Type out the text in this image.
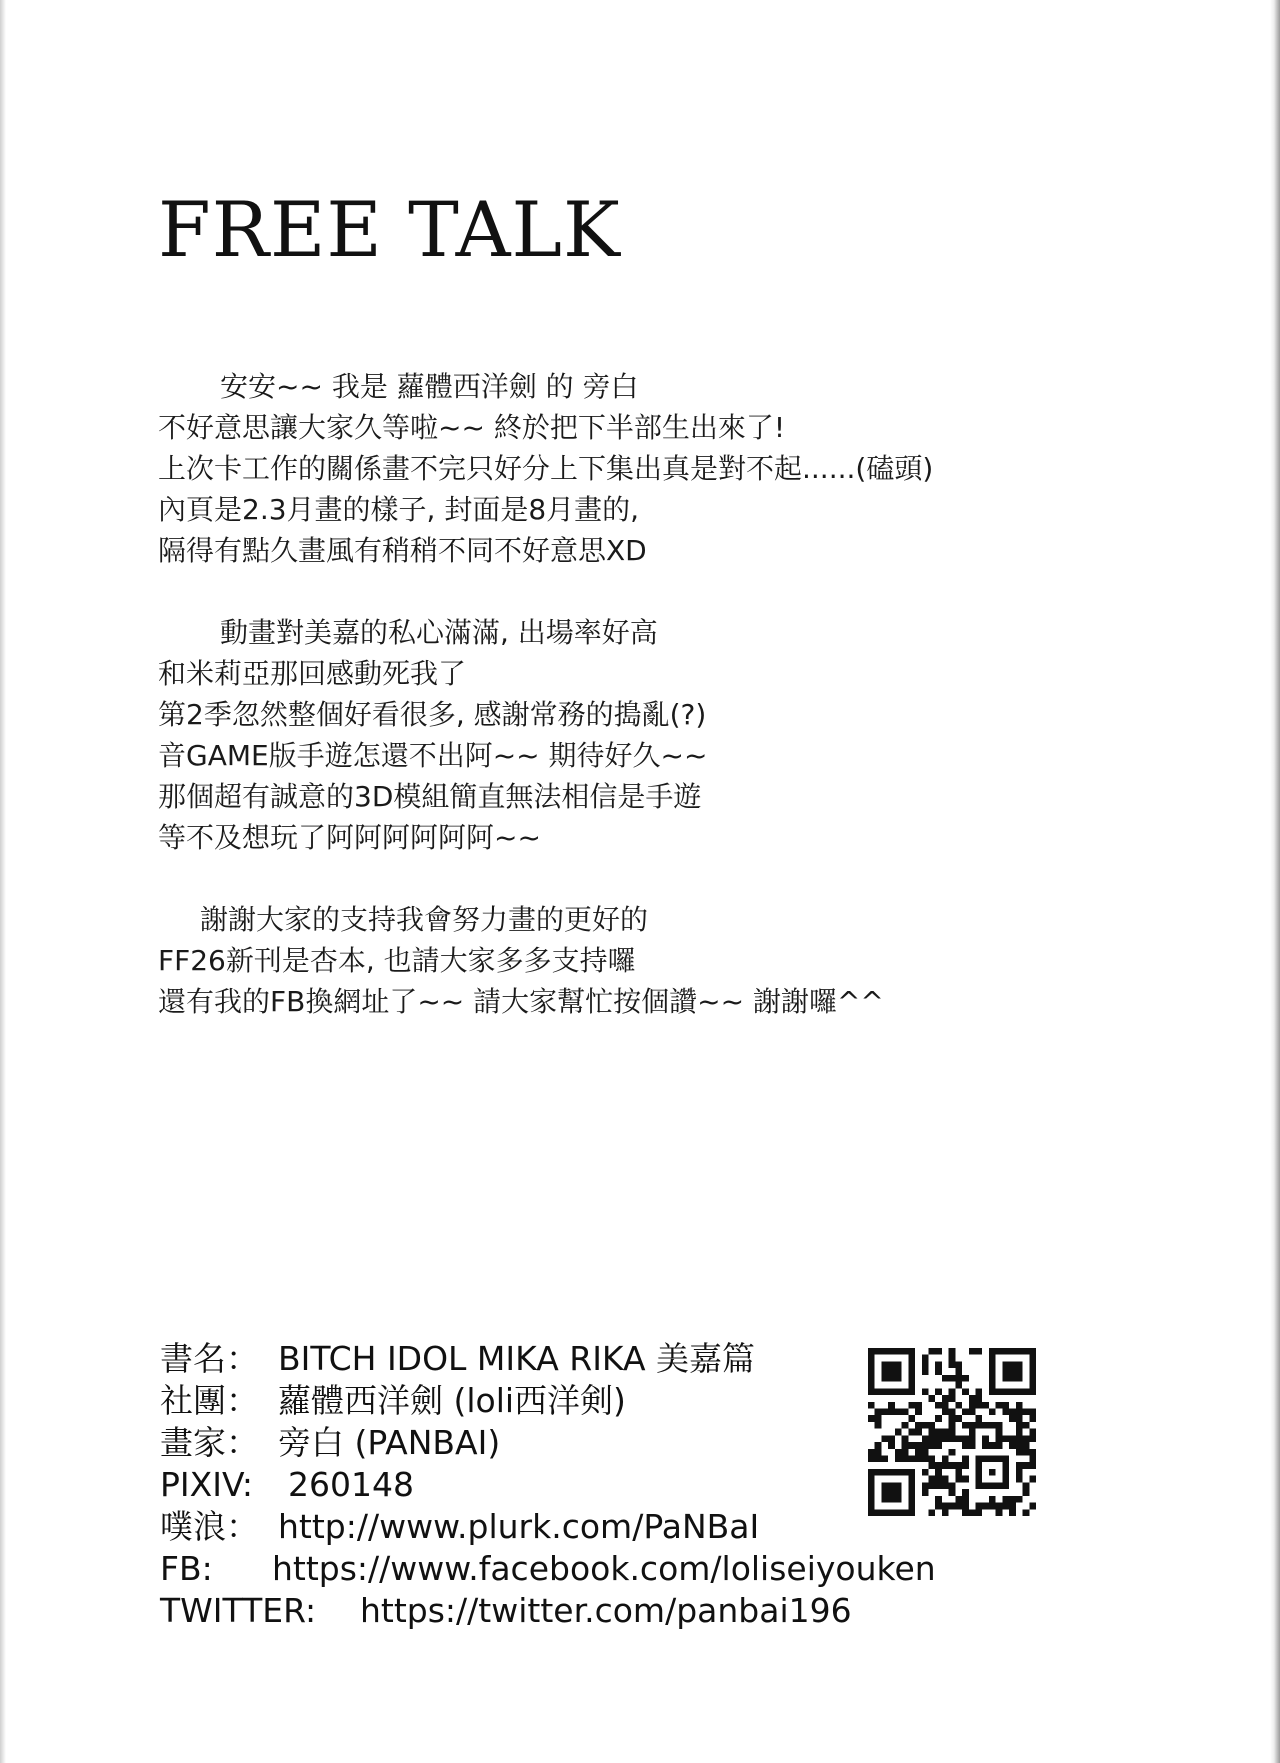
FREE TALK
安安~~ 我是 蘿體西洋劍 的 旁白
不好意思讓大家久等啦~~ 終於把下半部生出來了!
上次卡工作的關係畫不完只好分上下集出真是對不起......(磕頭)
內頁是2.3月畫的樣子, 封面是8月畫的,
隔得有點久畫風有稍稍不同不好意思XD
動畫對美嘉的私心滿滿, 出場率好高
和米莉亞那回感動死我了
第2季忽然整個好看很多, 感謝常務的搗亂(?)
音GAME版手遊怎還不出阿~~ 期待好久~~
那個超有誠意的3D模組簡直無法相信是手遊
等不及想玩了阿阿阿阿阿阿~~
謝謝大家的支持我會努力畫的更好的
FF26新刊是杏本, 也請大家多多支持囉
還有我的FB換網址了~~ 請大家幫忙按個讚~~ 謝謝囉^^
書名： BITCH IDOL MIKA RIKA 美嘉篇
社團： 蘿體西洋劍 (loli西洋剣)
畫家： 旁白 (PANBAI)
PIXIV: 260148
噗浪： http://www.plurk.com/PaNBaI
FB: https://www.facebook.com/loliseiyouken
TWITTER: https://twitter.com/panbai196
